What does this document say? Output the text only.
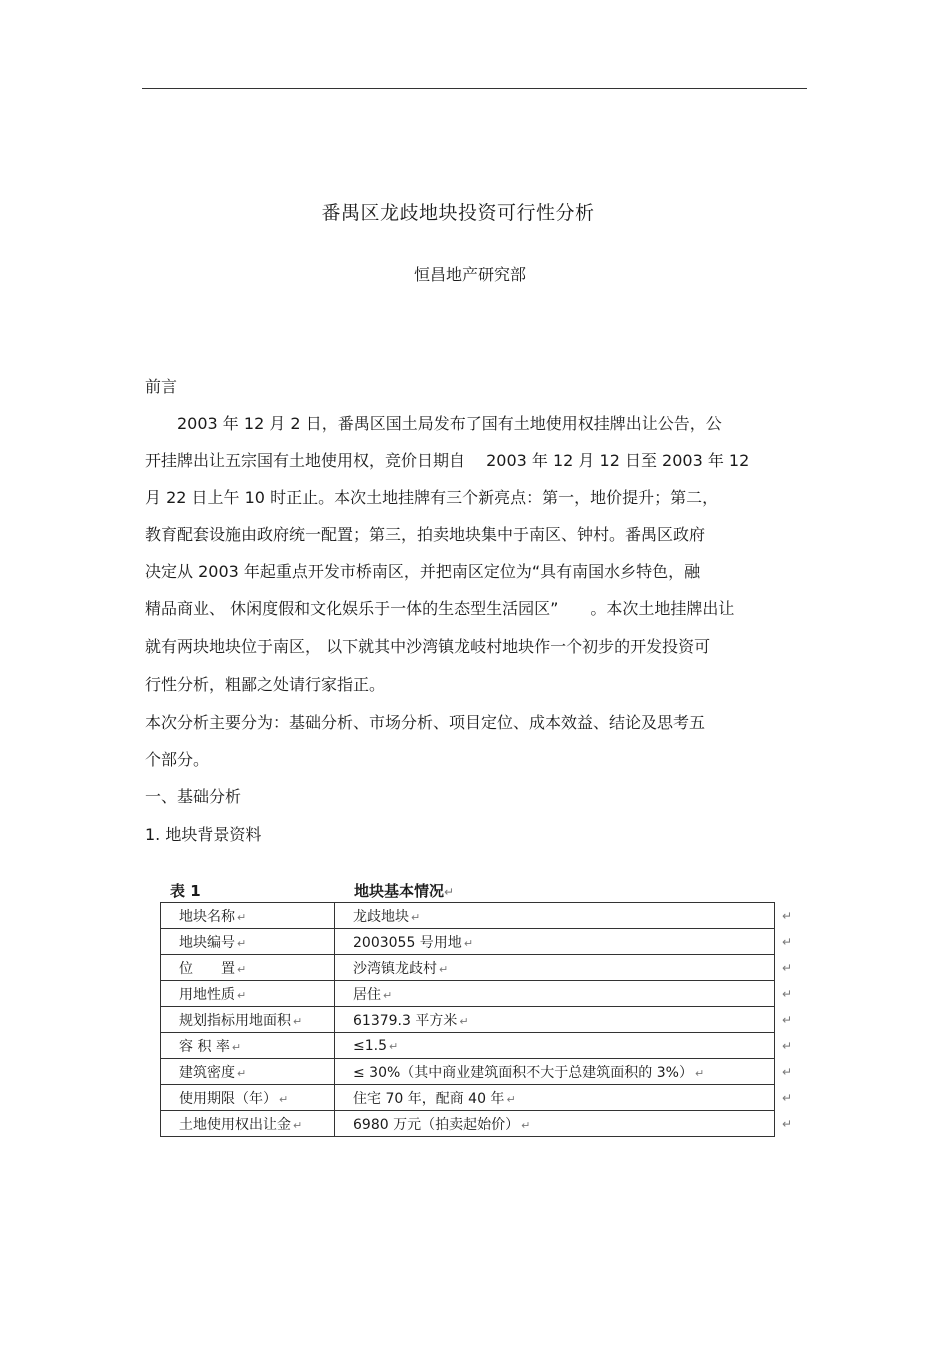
番禺区龙歧地块投资可行性分析
恒昌地产研究部
前言
　　2003 年 12 月 2 日，番禺区国土局发布了国有土地使用权挂牌出让公告，公
开挂牌出让五宗国有土地使用权，竞价日期自　 2003 年 12 月 12 日至 2003 年 12
月 22 日上午 10 时正止。本次土地挂牌有三个新亮点：第一，地价提升；第二，
教育配套设施由政府统一配置；第三，拍卖地块集中于南区、钟村。番禺区政府
决定从 2003 年起重点开发市桥南区，并把南区定位为“具有南国水乡特色，融
精品商业、 休闲度假和文化娱乐于一体的生态型生活园区”　　。本次土地挂牌出让
就有两块地块位于南区， 以下就其中沙湾镇龙岐村地块作一个初步的开发投资可
行性分析，粗鄙之处请行家指正。
本次分析主要分为：基础分析、市场分析、项目定位、成本效益、结论及思考五
个部分。
一、基础分析
1. 地块背景资料
表 1	地块基本情况↵
地块名称 ↵	龙歧地块 ↵ ↵

地块编号 ↵	2003055 号用地 ↵ ↵

位　　置 ↵	沙湾镇龙歧村 ↵ ↵

用地性质 ↵	居住 ↵ ↵

规划指标用地面积 ↵	61379.3 平方米 ↵ ↵

容 积 率 ↵	≤1.5 ↵ ↵

建筑密度 ↵	≤ 30%（其中商业建筑面积不大于总建筑面积的 3%） ↵ ↵

使用期限（年） ↵	住宅 70 年，配商 40 年 ↵ ↵

土地使用权出让金 ↵	6980 万元（拍卖起始价） ↵ ↵
